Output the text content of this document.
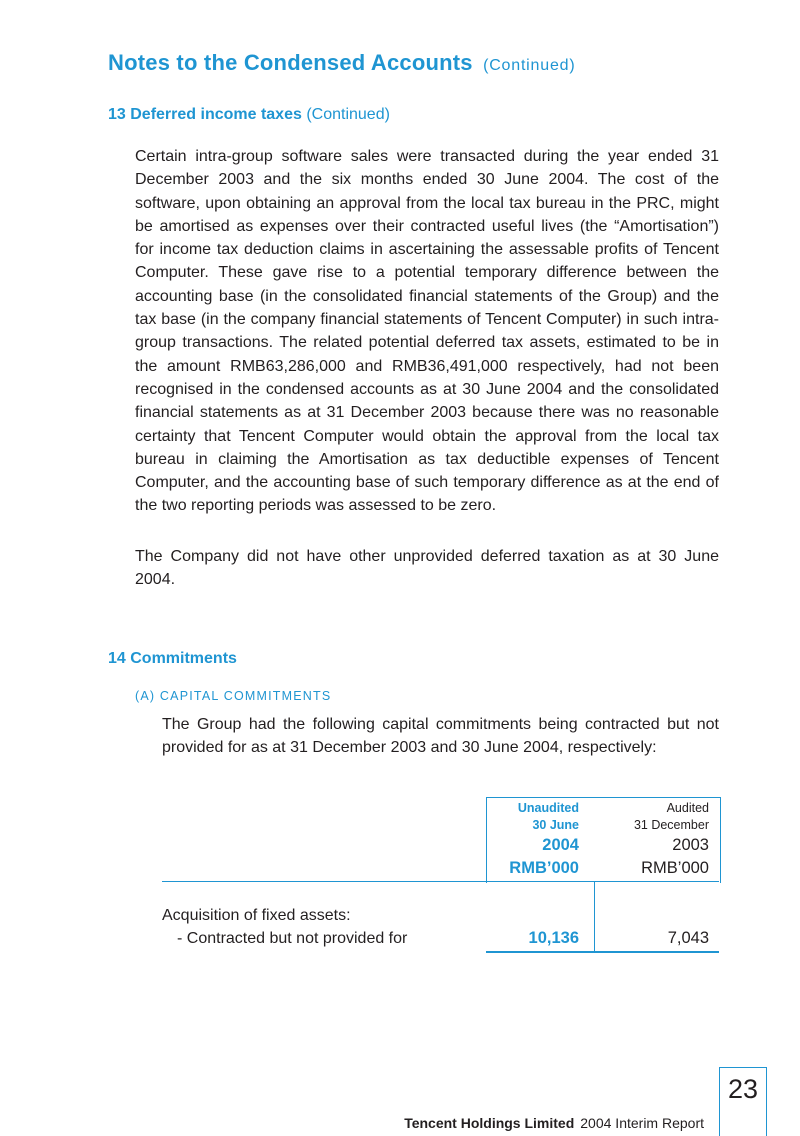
Notes to the Condensed Accounts (Continued)
13 Deferred income taxes (Continued)

Certain intra-group software sales were transacted during the year ended 31 December 2003 and the six months ended 30 June 2004. The cost of the software, upon obtaining an approval from the local tax bureau in the PRC, might be amortised as expenses over their contracted useful lives (the “Amortisation”) for income tax deduction claims in ascertaining the assessable profits of Tencent Computer. These gave rise to a potential temporary difference between the accounting base (in the consolidated financial statements of the Group) and the tax base (in the company financial statements of Tencent Computer) in such intra-group transactions. The related potential deferred tax assets, estimated to be in the amount RMB63,286,000 and RMB36,491,000 respectively, had not been recognised in the condensed accounts as at 30 June 2004 and the consolidated financial statements as at 31 December 2003 because there was no reasonable certainty that Tencent Computer would obtain the approval from the local tax bureau in claiming the Amortisation as tax deductible expenses of Tencent Computer, and the accounting base of such temporary difference as at the end of the two reporting periods was assessed to be zero.

The Company did not have other unprovided deferred taxation as at 30 June 2004.

14 Commitments

(A) CAPITAL COMMITMENTS

The Group had the following capital commitments being contracted but not provided for as at 31 December 2003 and 30 June 2004, respectively:

Unaudited
30 June
2004
RMB’000
Audited
31 December
2003
RMB’000
Acquisition of fixed assets:
- Contracted but not provided for	10,136	7,043

Tencent Holdings Limited 2004 Interim Report

23
